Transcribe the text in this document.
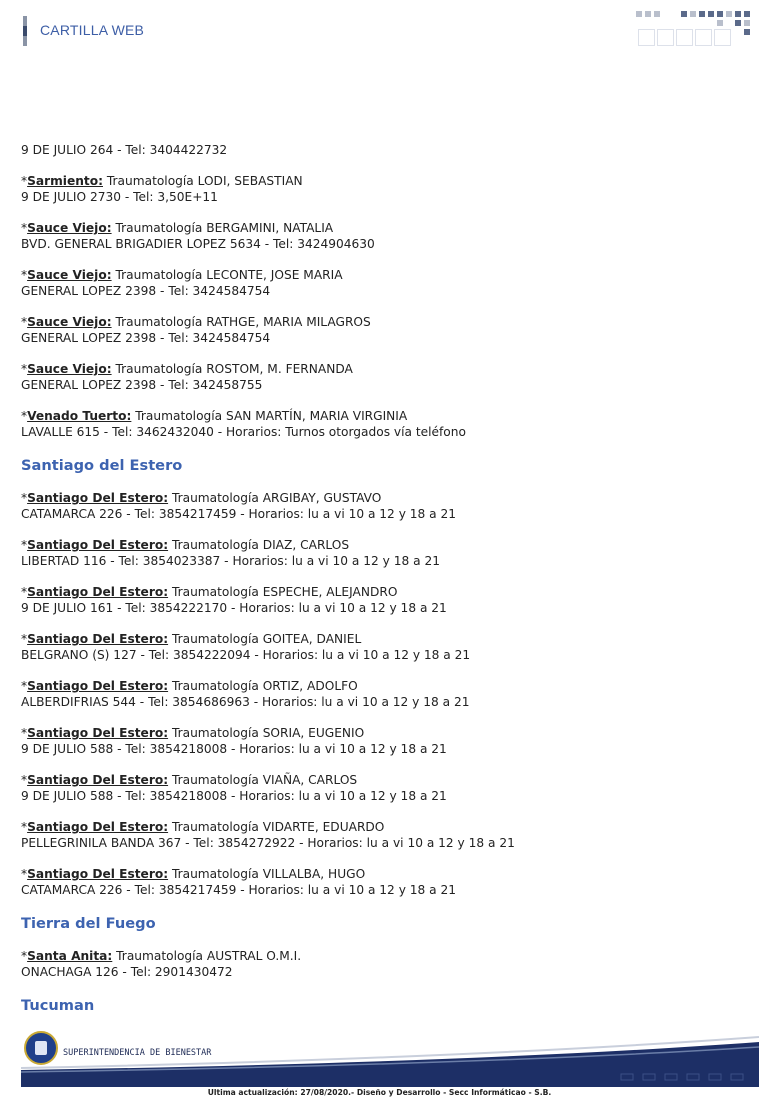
CARTILLA WEB
9 DE JULIO 264 - Tel: 3404422732
*Sarmiento: Traumatología LODI, SEBASTIAN
9 DE JULIO 2730 - Tel: 3,50E+11
*Sauce Viejo: Traumatología BERGAMINI, NATALIA
BVD. GENERAL BRIGADIER LOPEZ 5634 - Tel: 3424904630
*Sauce Viejo: Traumatología LECONTE, JOSE MARIA
GENERAL LOPEZ 2398 - Tel: 3424584754
*Sauce Viejo: Traumatología RATHGE, MARIA MILAGROS
GENERAL LOPEZ 2398 - Tel: 3424584754
*Sauce Viejo: Traumatología ROSTOM, M. FERNANDA
GENERAL LOPEZ 2398 - Tel: 342458755
*Venado Tuerto: Traumatología SAN MARTÍN, MARIA VIRGINIA
LAVALLE 615 - Tel: 3462432040 - Horarios: Turnos otorgados vía teléfono
Santiago del Estero
*Santiago Del Estero: Traumatología ARGIBAY, GUSTAVO
CATAMARCA 226 - Tel: 3854217459 - Horarios: lu a vi 10 a 12 y 18 a 21
*Santiago Del Estero: Traumatología DIAZ, CARLOS
LIBERTAD 116 - Tel: 3854023387 - Horarios: lu a vi 10 a 12 y 18 a 21
*Santiago Del Estero: Traumatología ESPECHE, ALEJANDRO
9 DE JULIO 161 - Tel: 3854222170 - Horarios: lu a vi 10 a 12 y 18 a 21
*Santiago Del Estero: Traumatología GOITEA, DANIEL
BELGRANO (S) 127 - Tel: 3854222094 - Horarios: lu a vi 10 a 12 y 18 a 21
*Santiago Del Estero: Traumatología ORTIZ, ADOLFO
ALBERDIFRIAS 544 - Tel: 3854686963 - Horarios: lu a vi 10 a 12 y 18 a 21
*Santiago Del Estero: Traumatología SORIA, EUGENIO
9 DE JULIO 588 - Tel: 3854218008 - Horarios: lu a vi 10 a 12 y 18 a 21
*Santiago Del Estero: Traumatología VIAÑA, CARLOS
9 DE JULIO 588 - Tel: 3854218008 - Horarios: lu a vi 10 a 12 y 18 a 21
*Santiago Del Estero: Traumatología VIDARTE, EDUARDO
PELLEGRINILA BANDA 367 - Tel: 3854272922 - Horarios: lu a vi 10 a 12 y 18 a 21
*Santiago Del Estero: Traumatología VILLALBA, HUGO
CATAMARCA 226 - Tel: 3854217459 - Horarios: lu a vi 10 a 12 y 18 a 21
Tierra del Fuego
*Santa Anita: Traumatología AUSTRAL O.M.I.
ONACHAGA 126 - Tel: 2901430472
Tucuman
SUPERINTENDENCIA DE BIENESTAR
Ultima actualización: 27/08/2020.- Diseño y Desarrollo - Secc Informáticao - S.B.
